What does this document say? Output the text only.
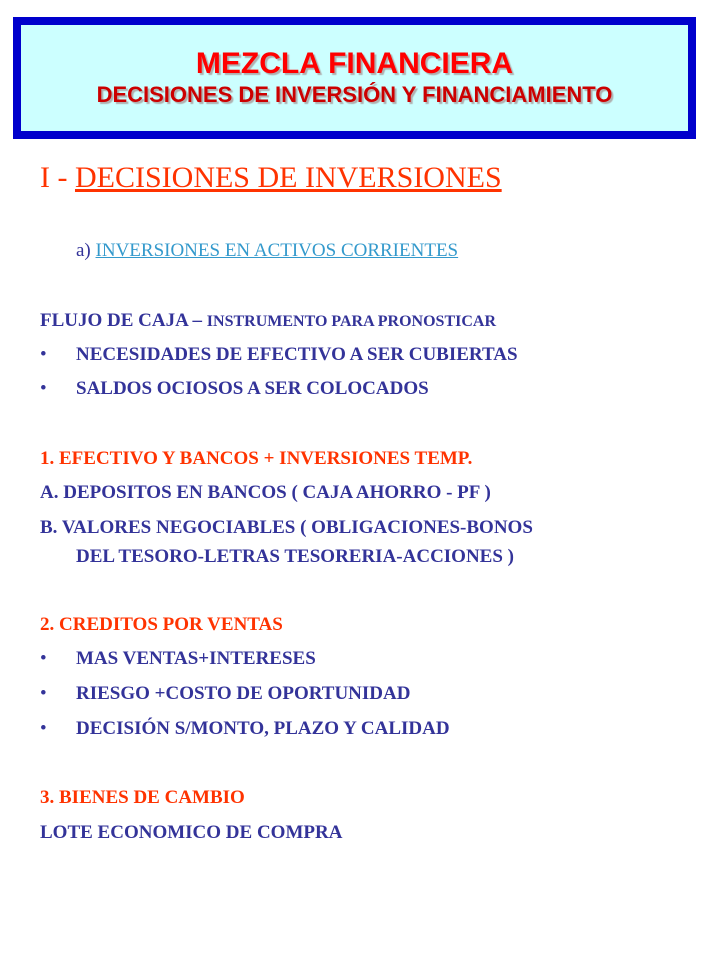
MEZCLA FINANCIERA
DECISIONES DE INVERSIÓN Y FINANCIAMIENTO
I - DECISIONES DE INVERSIONES
a) INVERSIONES EN ACTIVOS CORRIENTES
FLUJO DE CAJA – INSTRUMENTO PARA PRONOSTICAR
• NECESIDADES DE EFECTIVO A SER CUBIERTAS
• SALDOS OCIOSOS A SER COLOCADOS
1. EFECTIVO Y BANCOS + INVERSIONES TEMP.
A. DEPOSITOS EN BANCOS ( CAJA AHORRO - PF )
B. VALORES NEGOCIABLES ( OBLIGACIONES-BONOS
DEL TESORO-LETRAS TESORERIA-ACCIONES )
2. CREDITOS POR VENTAS
• MAS VENTAS+INTERESES
• RIESGO +COSTO DE OPORTUNIDAD
• DECISIÓN S/MONTO, PLAZO Y CALIDAD
3. BIENES DE CAMBIO
LOTE ECONOMICO DE COMPRA
